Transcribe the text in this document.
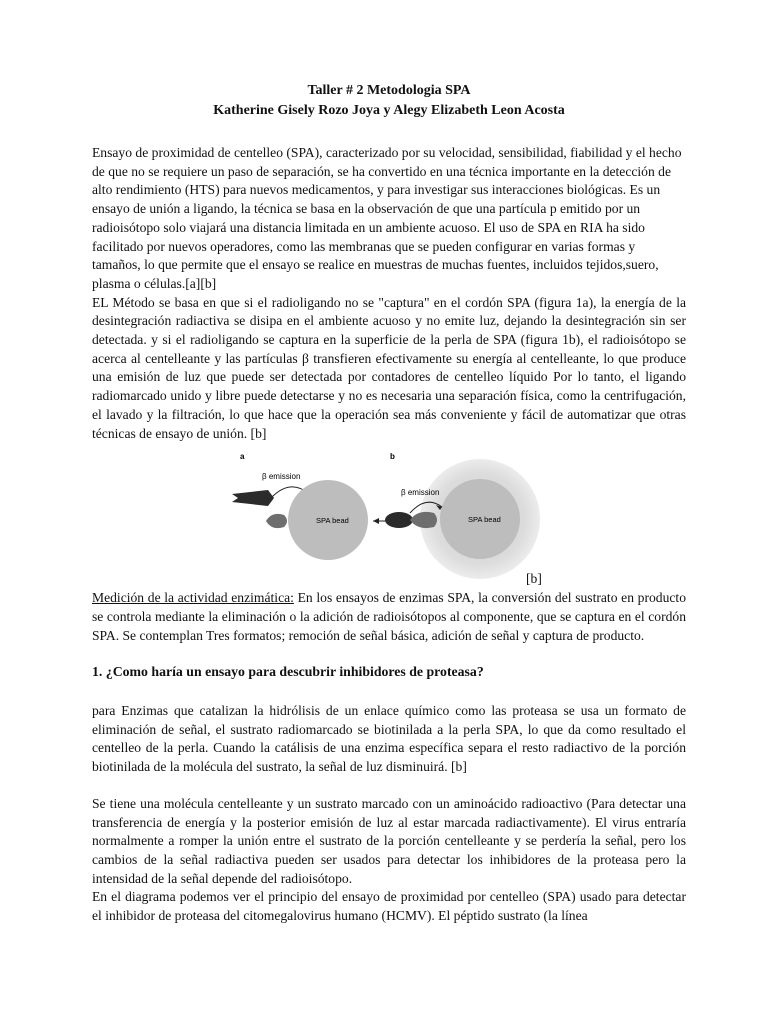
Taller # 2 Metodologia SPA
Katherine Gisely Rozo Joya y Alegy Elizabeth Leon Acosta

Ensayo de proximidad de centelleo (SPA), caracterizado por su velocidad, sensibilidad, fiabilidad y el hecho de que no se requiere un paso de separación, se ha convertido en una técnica importante en la detección de alto rendimiento (HTS) para nuevos medicamentos, y para investigar sus interacciones biológicas. Es un ensayo de unión a ligando, la técnica se basa en la observación de que una partícula p emitido por un radioisótopo solo viajará una distancia limitada en un ambiente acuoso. El uso de SPA en RIA ha sido facilitado por nuevos operadores, como las membranas que se pueden configurar en varias formas y tamaños, lo que permite que el ensayo se realice en muestras de muchas fuentes, incluidos tejidos,suero, plasma o células.[a][b]

EL Método se basa en que si el radioligando no se "captura" en el cordón SPA (figura 1a), la energía de la desintegración radiactiva se disipa en el ambiente acuoso y no emite luz, dejando la desintegración sin ser detectada. y si el radioligando se captura en la superficie de la perla de SPA (figura 1b), el radioisótopo se acerca al centelleante y las partículas β transfieren efectivamente su energía al centelleante, lo que produce una emisión de luz que puede ser detectada por contadores de centelleo líquido Por lo tanto, el ligando radiomarcado unido y libre puede detectarse y no es necesaria una separación física, como la centrifugación, el lavado y la filtración, lo que hace que la operación sea más conveniente y fácil de automatizar que otras técnicas de ensayo de unión. [b]

a
β emission
SPA bead
b
SPA bead
β emission
[b]

Medición de la actividad enzimática: En los ensayos de enzimas SPA, la conversión del sustrato en producto se controla mediante la eliminación o la adición de radioisótopos al componente, que se captura en el cordón SPA. Se contemplan Tres formatos; remoción de señal básica, adición de señal y captura de producto.

1. ¿Como haría un ensayo para descubrir inhibidores de proteasa?

para Enzimas que catalizan la hidrólisis de un enlace químico como las proteasa se usa un formato de eliminación de señal, el sustrato radiomarcado se biotinilada a la perla SPA, lo que da como resultado el centelleo de la perla. Cuando la catálisis de una enzima específica separa el resto radiactivo de la porción biotinilada de la molécula del sustrato, la señal de luz disminuirá. [b]

Se tiene una molécula centelleante y un sustrato marcado con un aminoácido radioactivo (Para detectar una transferencia de energía y la posterior emisión de luz al estar marcada radiactivamente). El virus entraría normalmente a romper la unión entre el sustrato de la porción centelleante y se perdería la señal, pero los cambios de la señal radiactiva pueden ser usados para detectar los inhibidores de la proteasa pero la intensidad de la señal depende del radioisótopo.

En el diagrama podemos ver el principio del ensayo de proximidad por centelleo (SPA) usado para detectar el inhibidor de proteasa del citomegalovirus humano (HCMV). El péptido sustrato (la línea
